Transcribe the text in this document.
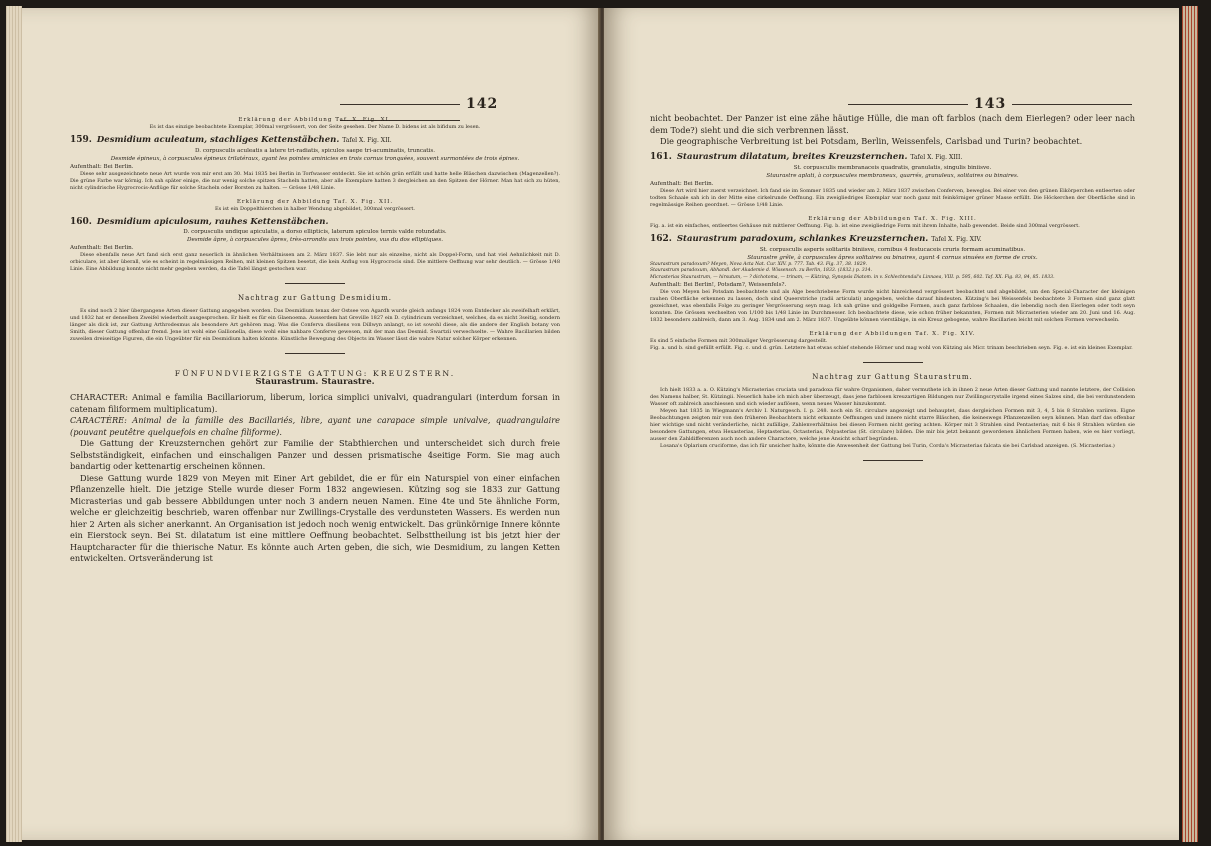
142
Erklärung der Abbildung Taf. X. Fig. XI.
Es ist das einzige beobachtete Exemplar, 300mal vergrössert, von der Seite gesehen. Der Name D. bidens ist als bifidum zu lesen.
159. Desmidium aculeatum, stachliges Kettenstäbchen. Tafel X. Fig. XII.
D. corpusculis aculeatis a latere tri-radiatis, spiculos saepe tri-acuminatis, truncatis.
Desmide épineux, à corpuscules épineux trilatéraux, ayant les pointes aminicies en trois cornus tronquées, souvent surmontées de trois épines.
Aufenthalt: Bei Berlin.

Diese sehr ausgezeichnete neue Art wurde von mir erst am 30. Mai 1835 bei Berlin in Torfwasser entdeckt. Sie ist schön grün erfüllt und hatte helle Bläschen dazwischen (Magenzellen?). Die grüne Farbe war körnig. Ich sah später einige, die nur wenig solche spitzen Stacheln hatten, aber alle Exemplare hatten 3 dergleichen an den Spitzen der Hörner. Man hat sich zu hüten, nicht cylindrische Hygrocrocis-Anflüge für solche Stacheln oder Borsten zu halten. — Grösse 1/48 Linie.

Erklärung der Abbildung Taf. X. Fig. XII.
Es ist ein Doppelthierchen in halber Wendung abgebildet, 300mal vergrössert.
160. Desmidium apiculosum, rauhes Kettenstäbchen.
D. corpusculis undique apiculatis, a dorso ellipticis, laterum spiculos ternis valde rotundatis.
Desmide âpre, à corpuscules âpres, très-arrondis aux trois pointes, vus du dos elliptiques.
Aufenthalt: Bei Berlin.

Diese ebenfalls neue Art fand sich erst ganz neuerlich in ähnlichen Verhältnissen am 2. März 1837. Sie lebt nur als einzelne, nicht als Doppel-Form, und hat viel Aehnlichkeit mit D. orbiculare, ist aber überall, wie es scheint in regelmässigen Reihen, mit kleinen Spitzen besetzt, die kein Anflug von Hygrocrocis sind. Die mittlere Oeffnung war sehr deutlich. — Grösse 1/48 Linie. Eine Abbildung konnte nicht mehr gegeben werden, da die Tafel längst gestochen war.

Nachtrag zur Gattung Desmidium.

Es sind noch 2 hier übergangene Arten dieser Gattung angegeben worden. Das Desmidium tenax der Ostsee von Agardh wurde gleich anfangs 1824 vom Entdecker als zweifelhaft erklärt, und 1832 hat er denselben Zweifel wiederholt ausgesprochen. Er hielt es für ein Glaenoema. Ausserdem hat Greville 1827 ein D. cylindricum verzeichnet, welches, da es nicht 3seitig, sondern länger als dick ist, zur Gattung Arthrodesmus als besondere Art gehören mag. Was die Conferva dissiliens von Dillwyn anlangt, so ist sowohl diese, als die andere der English botany von Smith, dieser Gattung offenbar fremd. Jene ist wohl eine Gallionella, diese wohl eine nahbare Conferve gewesen, mit der man das Desmid. Swartzii verwechselte. — Wahre Bacillarien bilden zuweilen dreiseitige Figuren, die ein Ungeübter für ein Desmidium halten könnte. Künstliche Bewegung des Objects im Wasser lässt die wahre Natur solcher Körper erkennen.

FÜNFUNDVIERZIGSTE GATTUNG: KREUZSTERN.
Staurastrum. Staurastre.

CHARACTER: Animal e familia Bacillariorum, liberum, lorica simplici univalvi, quadrangulari (interdum forsan in catenam filiformem multiplicatum).

CARACTÈRE: Animal de la famille des Bacillariés, libre, ayant une carapace simple univalve, quadrangulaire (pouvant peutêtre quelquefois en chaîne filiforme).

Die Gattung der Kreuzsternchen gehört zur Familie der Stabthierchen und unterscheidet sich durch freie Selbstständigkeit, einfachen und einschaligen Panzer und dessen prismatische 4seitige Form. Sie mag auch bandartig oder kettenartig erscheinen können.

Diese Gattung wurde 1829 von Meyen mit Einer Art gebildet, die er für ein Naturspiel von einer einfachen Pflanzenzelle hielt. Die jetzige Stelle wurde dieser Form 1832 angewiesen. Kützing sog sie 1833 zur Gattung Micrasterias und gab bessere Abbildungen unter noch 3 andern neuen Namen. Eine 4te und 5te ähnliche Form, welche er gleichzeitig beschrieb, waren offenbar nur Zwillings-Crystalle des verdunsteten Wassers. Es werden nun hier 2 Arten als sicher anerkannt. An Organisation ist jedoch noch wenig entwickelt. Das grünkörnige Innere könnte ein Eierstock seyn. Bei St. dilatatum ist eine mittlere Oeffnung beobachtet. Selbsttheilung ist bis jetzt hier der Hauptcharacter für die thierische Natur. Es könnte auch Arten geben, die sich, wie Desmidium, zu langen Ketten entwickelten. Ortsveränderung ist

143

nicht beobachtet. Der Panzer ist eine zähe häutige Hülle, die man oft farblos (nach dem Eierlegen? oder leer nach dem Tode?) sieht und die sich verbrennen lässt.

Die geographische Verbreitung ist bei Potsdam, Berlin, Weissenfels, Carlsbad und Turin? beobachtet.

161. Staurastrum dilatatum, breites Kreuzsternchen. Tafel X. Fig. XIII.
St. corpusculis membranaceis quadratis, granulatis, singulis biniisve.
Staurastre aplati, à corpuscules membraneux, quarrés, granuleux, solitaires ou binaires.
Aufenthalt: Bei Berlin.

Diese Art wird hier zuerst verzeichnet. Ich fand sie im Sommer 1835 und wieder am 2. März 1837 zwischen Conferven, beweglos. Bei einer von den grünen Eikörperchen entleerten oder todten Schaale sah ich in der Mitte eine cirkelrunde Oeffnung. Ein zweigliedriges Exemplar war noch ganz mit feinkörniger grüner Masse erfüllt. Die Höckerchen der Oberfläche sind in regelmässige Reihen geordnet. — Grösse 1/48 Linie.

Erklärung der Abbildungen Taf. X. Fig. XIII.
Fig. a. ist ein einfaches, entleertes Gehäuse mit mittlerer Oeffnung. Fig. b. ist eine zweigliedrige Form mit ihrem Inhalte, halb gewendet. Beide sind 300mal vergrössert.
162. Staurastrum paradoxum, schlankes Kreuzsternchen. Tafel X. Fig. XIV.
St. corpusculis asperis solitariis biniisve, cornibus 4 festucaceis cruris formam acuminatibus.
Staurastre grêle, à corpuscules âpres solitaires ou binaires, ayant 4 cornus sinuées en forme de croix.
Staurastrum paradoxum? Meyen, Nova Acta Nat. Cur. XIV. p. 777. Tab. 43. Fig. 37, 38. 1829.
Staurastrum paradoxum, Abhandl. der Akademie d. Wissensch. zu Berlin, 1833. (1832.) p. 314.
Micrasterias Staurastrum, — hirsutum, — ? dichotoma, — trinam, — Kützing, Synopsis Diatom. in v. Schlechtendal's Linnaea, VIII. p. 595, 602. Taf. XX. Fig. 83, 84, 85. 1833.
Aufenthalt: Bei Berlin!, Potsdam?, Weissenfels?.

Die von Meyen bei Potsdam beobachtete und als Alge beschriebene Form wurde nicht hinreichend vergrössert beobachtet und abgebildet, um den Special-Character der kleinigen rauhen Oberfläche erkennen zu lassen, doch sind Queerstriche (radii articulati) angegeben, welche darauf hindeuten. Kützing's bei Weissenfels beobachtete 3 Formen sind ganz glatt gezeichnet, was ebenfalls Folge zu geringer Vergrösserung seyn mag. Ich sah grüne und goldgelbe Formen, auch ganz farblose Schaalen, die lebendig noch den Eierlegen oder todt seyn konnten. Die Grössen wechselten von 1/100 bis 1/48 Linie im Durchmesser. Ich beobachtete diese, wie schon früher bekannten, Formen mit Micrasterien wieder am 20. Juni und 16. Aug. 1832 besonders zahlreich, dann am 3. Aug. 1834 und am 2. März 1837. Ungeübte können vierstäbige, in ein Kreuz gebogene, wahre Bacillarien leicht mit solchen Formen verwechseln.

Erklärung der Abbildungen Taf. X. Fig. XIV.
Es sind 5 einfache Formen mit 300maliger Vergrösserung dargestellt.
Fig. a. und b. sind gefüllt erfüllt. Fig. c. und d. grün. Letztere hat etwas schief stehende Hörner und mag wohl von Kützing als Micr. trinam beschrieben seyn. Fig. e. ist ein kleines Exemplar.
Nachtrag zur Gattung Staurastrum.

Ich hielt 1833 a. a. O. Kützing's Micrasterias cruciata und paradoxa für wahre Organismen, daher vermuthete ich in ihnen 2 neue Arten dieser Gattung und nannte letztere, der Collision des Namens halber, St. Kützingii. Neuerlich habe ich mich aber überzeugt, dass jene farblosen kreuzartigen Bildungen nur Zwillingscrystalle irgend eines Salzes sind, die bei verdunstendem Wasser oft zahlreich anschiessen und sich wieder auflösen, wenn neues Wasser hinzukommt.

Meyen hat 1835 in Wiegmann's Archiv I. Naturgesch. I. p. 248. noch ein St. circulare angezeigt und behauptet, dass dergleichen Formen mit 3, 4, 5 bis 8 Strahlen variiren. Eigne Beobachtungen zeigten mir von den früheren Beobachtern nicht erkannte Oeffnungen und innere nicht starre Bläschen, die keineswegs Pflanzenzellen seyn können. Man darf das offenbar hier wichtige und nicht veränderliche, nicht zufällige, Zahlenverhältniss bei diesen Formen nicht gering achten. Körper mit 3 Strahlen sind Pentasterias; mit 6 bis 8 Strahlen würden sie besondere Gattungen, etwa Hexasterias, Heptasterias, Octasterias, Polyasterias (St. circulare) bilden. Die mir bis jetzt bekannt gewordenen ähnlichen Formen haben, wie es hier vorliegt, ausser den Zahldifferenzen auch noch andere Charactere, welche jene Ansicht scharf begründen.

Losana's Oplarium cruciforme, das ich für unsicher halte, könnte die Anwesenheit der Gattung bei Turin, Corda's Micrasterias falcata sie bei Carlsbad anzeigen. (S. Micrasterias.)
